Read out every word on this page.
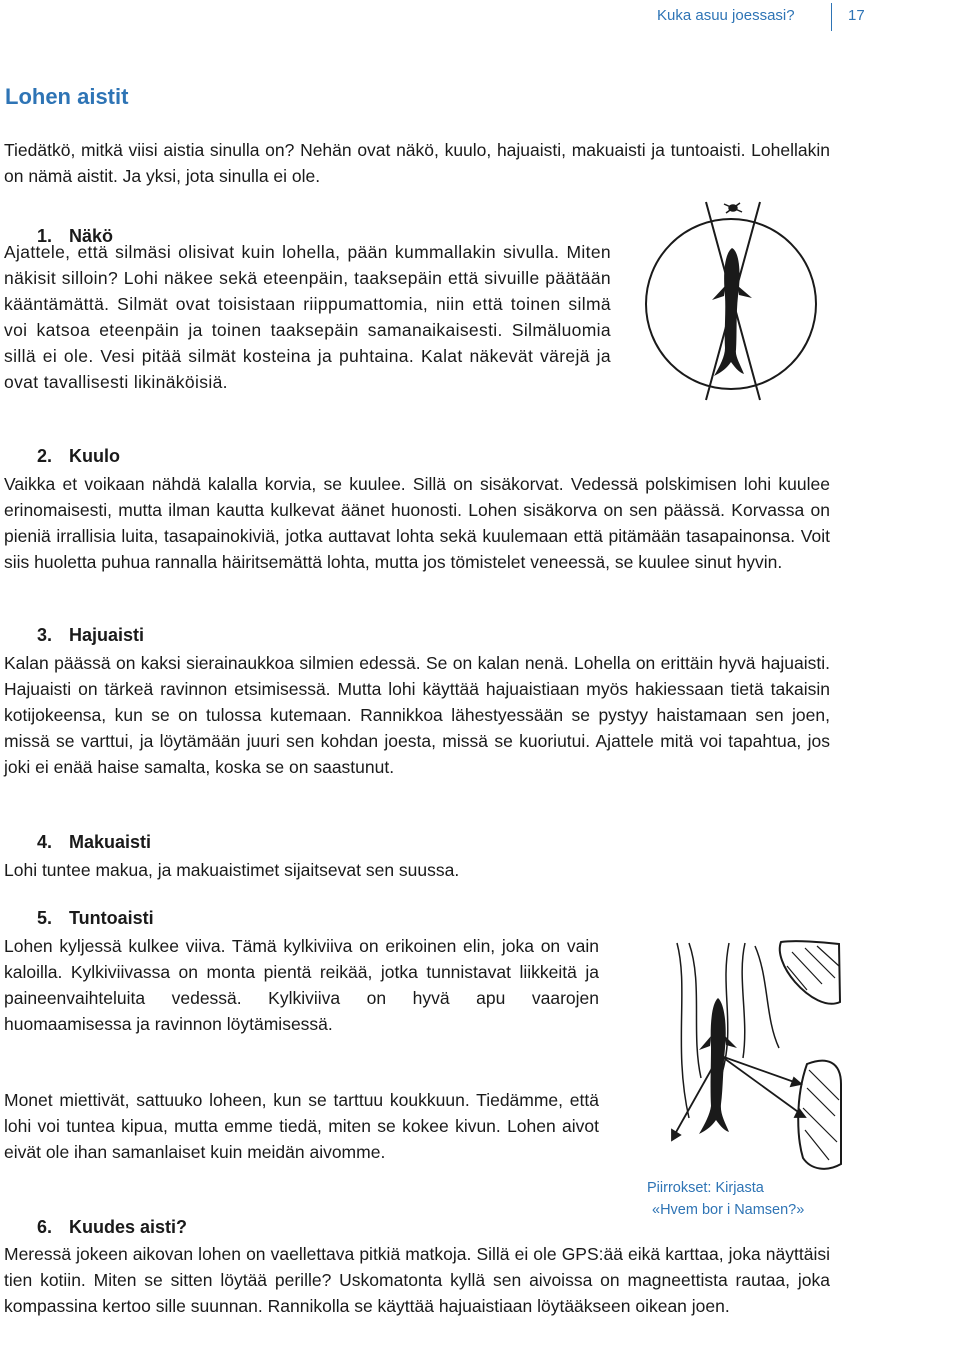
Kuka asuu joessasi?	17
Lohen aistit

Tiedätkö, mitkä viisi aistia sinulla on? Nehän ovat näkö, kuulo, hajuaisti, makuaisti ja tuntoaisti. Lohellakin on nämä aistit. Ja yksi, jota sinulla ei ole.

1. Näkö

Ajattele, että silmäsi olisivat kuin lohella, pään kummallakin sivulla. Miten näkisit silloin? Lohi näkee sekä eteenpäin, taaksepäin että sivuille päätään kääntämättä. Silmät ovat toisistaan riippumattomia, niin että toinen silmä voi katsoa eteenpäin ja toinen taaksepäin samanaikaisesti. Silmäluomia sillä ei ole. Vesi pitää silmät kosteina ja puhtaina. Kalat näkevät värejä ja ovat tavallisesti likinäköisiä.

2. Kuulo

Vaikka et voikaan nähdä kalalla korvia, se kuulee. Sillä on sisäkorvat. Vedessä polskimisen lohi kuulee erinomaisesti, mutta ilman kautta kulkevat äänet huonosti. Lohen sisäkorva on sen päässä. Korvassa on pieniä irrallisia luita, tasapainokiviä, jotka auttavat lohta sekä kuulemaan että pitämään tasapainonsa. Voit siis huoletta puhua rannalla häiritsemättä lohta, mutta jos tömistelet veneessä, se kuulee sinut hyvin.

3. Hajuaisti

Kalan päässä on kaksi sierainaukkoa silmien edessä. Se on kalan nenä. Lohella on erittäin hyvä hajuaisti. Hajuaisti on tärkeä ravinnon etsimisessä. Mutta lohi käyttää hajuaistiaan myös hakiessaan tietä takaisin kotijokeensa, kun se on tulossa kutemaan. Rannikkoa lähestyessään se pystyy haistamaan sen joen, missä se varttui, ja löytämään juuri sen kohdan joesta, missä se kuoriutui. Ajattele mitä voi tapahtua, jos joki ei enää haise samalta, koska se on saastunut.

4. Makuaisti

Lohi tuntee makua, ja makuaistimet sijaitsevat sen suussa.

5. Tuntoaisti

Lohen kyljessä kulkee viiva. Tämä kylkiviiva on erikoinen elin, joka on vain kaloilla. Kylkiviivassa on monta pientä reikää, jotka tunnistavat liikkeitä ja paineenvaihteluita vedessä. Kylkiviiva on hyvä apu vaarojen huomaamisessa ja ravinnon löytämisessä.

Monet miettivät, sattuuko loheen, kun se tarttuu koukkuun. Tiedämme, että lohi voi tuntea kipua, mutta emme tiedä, miten se kokee kivun. Lohen aivot eivät ole ihan samanlaiset kuin meidän aivomme.

Piirrokset: Kirjasta
«Hvem bor i Namsen?»
6. Kuudes aisti?

Meressä jokeen aikovan lohen on vaellettava pitkiä matkoja. Sillä ei ole GPS:ää eikä karttaa, joka näyttäisi tien kotiin. Miten se sitten löytää perille? Uskomatonta kyllä sen aivoissa on magneettista rautaa, joka kompassina kertoo sille suunnan. Rannikolla se käyttää hajuaistiaan löytääkseen oikean joen.
